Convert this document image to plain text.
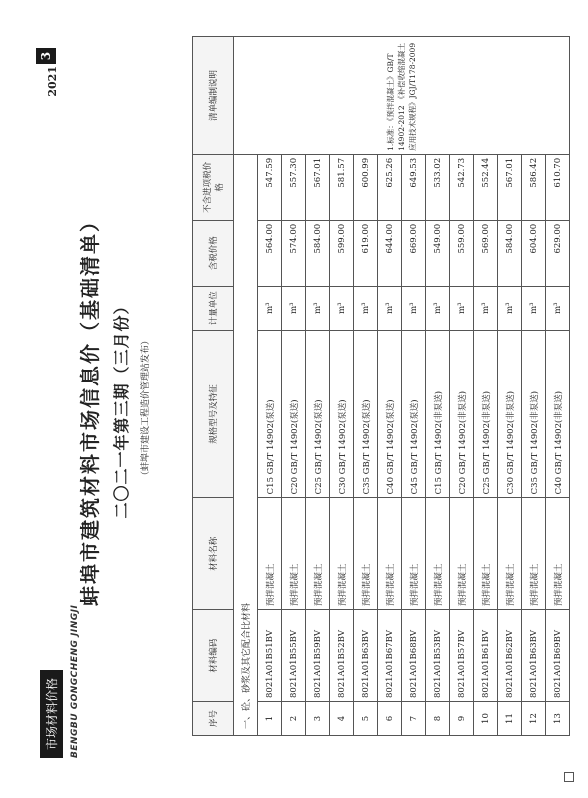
市场材料价格	BENGBU GONGCHENG JINGJI
2021
3
蚌埠市建筑材料市场信息价（基础清单） 二〇二一年第三期（三月份）	（蚌埠市建设工程造价管理站发布）
序号	材料编码	材料名称	规格型号及特征	计量单位	含税价格	不含进项税价格	清单编制说明
一、砼、砂浆及其它配合比材料							1.标准：《预拌混凝土》GB/T 14902-2012 《补偿收缩混凝土应用技术规程》JGJ/T178-2009
1	8021A01B51BV	预拌混凝土	C15 GB/T 14902(泵送)	m³	564.00	547.59	
2	8021A01B55BV	预拌混凝土	C20 GB/T 14902(泵送)	m³	574.00	557.30	
3	8021A01B59BV	预拌混凝土	C25 GB/T 14902(泵送)	m³	584.00	567.01	
4	8021A01B52BV	预拌混凝土	C30 GB/T 14902(泵送)	m³	599.00	581.57	
5	8021A01B63BV	预拌混凝土	C35 GB/T 14902(泵送)	m³	619.00	600.99	
6	8021A01B67BV	预拌混凝土	C40 GB/T 14902(泵送)	m³	644.00	625.26	
7	8021A01B68BV	预拌混凝土	C45 GB/T 14902(泵送)	m³	669.00	649.53	
8	8021A01B53BV	预拌混凝土	C15 GB/T 14902(非泵送)	m³	549.00	533.02	
9	8021A01B57BV	预拌混凝土	C20 GB/T 14902(非泵送)	m³	559.00	542.73	
10	8021A01B61BV	预拌混凝土	C25 GB/T 14902(非泵送)	m³	569.00	552.44	
11	8021A01B62BV	预拌混凝土	C30 GB/T 14902(非泵送)	m³	584.00	567.01	
12	8021A01B63BV	预拌混凝土	C35 GB/T 14902(非泵送)	m³	604.00	586.42	
13	8021A01B69BV	预拌混凝土	C40 GB/T 14902(非泵送)	m³	629.00	610.70	
